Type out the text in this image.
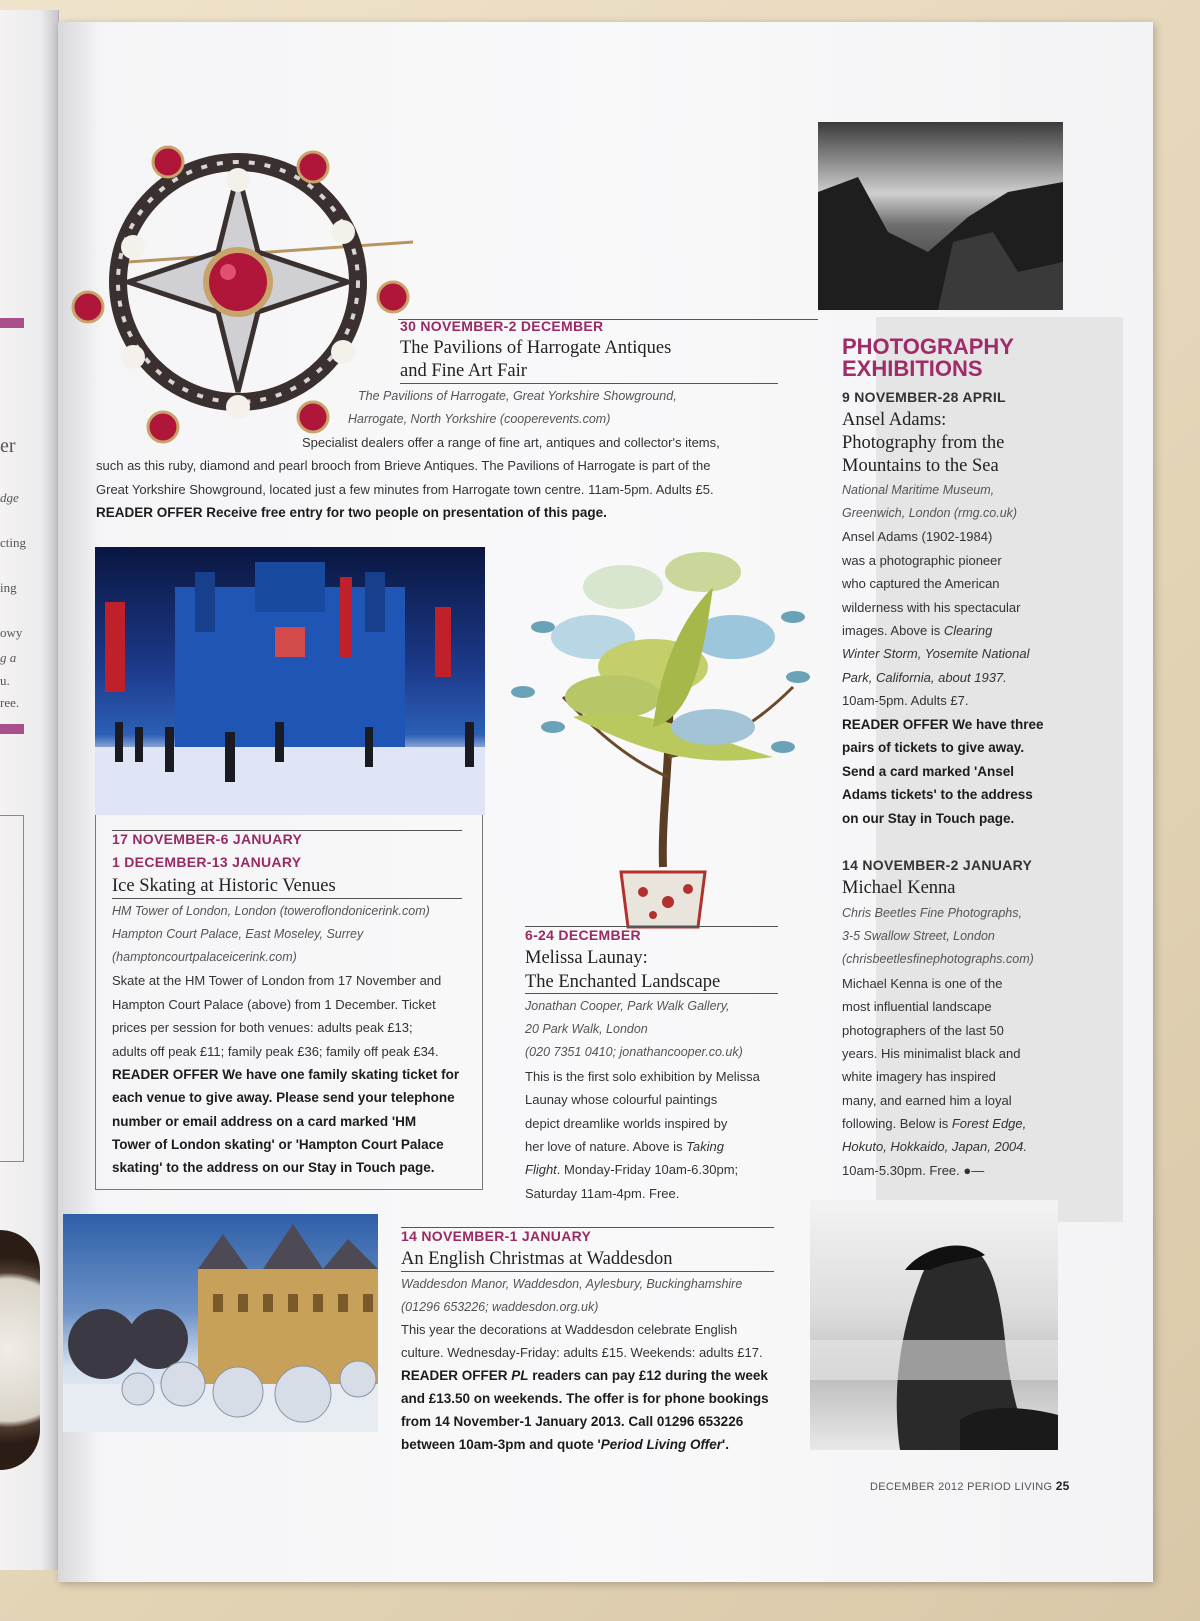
er
dge
cting
ing
owy
g a
u.
ree.
30 NOVEMBER-2 DECEMBER
The Pavilions of Harrogate Antiques
and Fine Art Fair
The Pavilions of Harrogate, Great Yorkshire Showground,
Harrogate, North Yorkshire (cooperevents.com)
Specialist dealers offer a range of fine art, antiques and collector's items,
such as this ruby, diamond and pearl brooch from Brieve Antiques. The Pavilions of Harrogate is part of the
Great Yorkshire Showground, located just a few minutes from Harrogate town centre. 11am-5pm. Adults £5.
READER OFFER Receive free entry for two people on presentation of this page.
17 NOVEMBER-6 JANUARY
1 DECEMBER-13 JANUARY
Ice Skating at Historic Venues
HM Tower of London, London (toweroflondonicerink.com)
Hampton Court Palace, East Moseley, Surrey
(hamptoncourtpalaceicerink.com)
Skate at the HM Tower of London from 17 November and
Hampton Court Palace (above) from 1 December. Ticket
prices per session for both venues: adults peak £13;
adults off peak £11; family peak £36; family off peak £34.
READER OFFER We have one family skating ticket for
each venue to give away. Please send your telephone
number or email address on a card marked 'HM
Tower of London skating' or 'Hampton Court Palace
skating' to the address on our Stay in Touch page.
6-24 DECEMBER
Melissa Launay:
The Enchanted Landscape
Jonathan Cooper, Park Walk Gallery,
20 Park Walk, London
(020 7351 0410; jonathancooper.co.uk)
This is the first solo exhibition by Melissa
Launay whose colourful paintings
depict dreamlike worlds inspired by
her love of nature. Above is Taking
Flight. Monday-Friday 10am-6.30pm;
Saturday 11am-4pm. Free.
PHOTOGRAPHY
EXHIBITIONS
9 NOVEMBER-28 APRIL
Ansel Adams:
Photography from the
Mountains to the Sea
National Maritime Museum,
Greenwich, London (rmg.co.uk)
Ansel Adams (1902-1984)
was a photographic pioneer
who captured the American
wilderness with his spectacular
images. Above is Clearing
Winter Storm, Yosemite National
Park, California, about 1937.
10am-5pm. Adults £7.
READER OFFER We have three
pairs of tickets to give away.
Send a card marked 'Ansel
Adams tickets' to the address
on our Stay in Touch page.
14 NOVEMBER-2 JANUARY
Michael Kenna
Chris Beetles Fine Photographs,
3-5 Swallow Street, London
(chrisbeetlesfinephotographs.com)
Michael Kenna is one of the
most influential landscape
photographers of the last 50
years. His minimalist black and
white imagery has inspired
many, and earned him a loyal
following. Below is Forest Edge,
Hokuto, Hokkaido, Japan, 2004.
10am-5.30pm. Free. ●—
14 NOVEMBER-1 JANUARY
An English Christmas at Waddesdon
Waddesdon Manor, Waddesdon, Aylesbury, Buckinghamshire
(01296 653226; waddesdon.org.uk)
This year the decorations at Waddesdon celebrate English
culture. Wednesday-Friday: adults £15. Weekends: adults £17.
READER OFFER PL readers can pay £12 during the week
and £13.50 on weekends. The offer is for phone bookings
from 14 November-1 January 2013. Call 01296 653226
between 10am-3pm and quote 'Period Living Offer'.
DECEMBER 2012 PERIOD LIVING 25
